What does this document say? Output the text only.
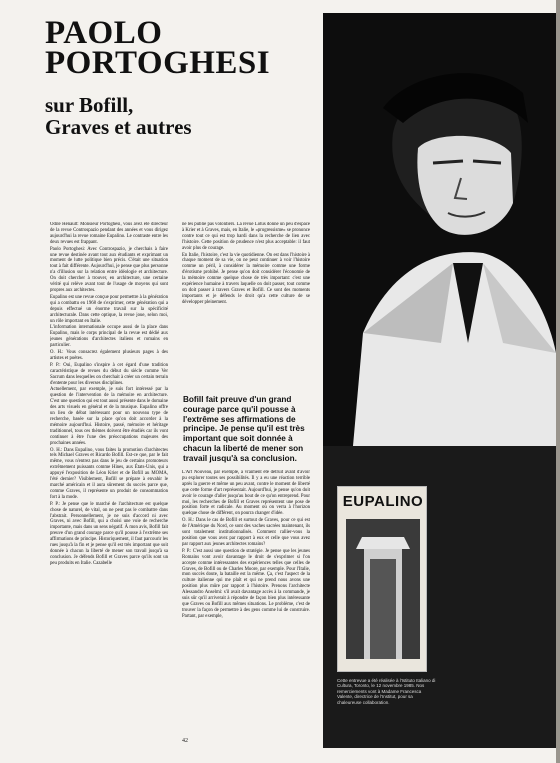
PAOLO
PORTOGHESI
sur Bofill,
Graves et autres

Odile Hénault: Monsieur Portoghesi, vous avez été directeur de la revue Controspazio pendant des années et vous dirigez aujourd'hui la revue romaine Eupalino. Le contraste entre les deux revues est frappant.

Paolo Portoghesi: Avec Controspazio, je cherchais à faire une revue destinée avant tout aux étudiants et exprimant un moment de lutte politique bien précis. C'était une situation tout à fait différente. Aujourd'hui, je pense que plus personne n'a d'illusion sur la relation entre idéologie et architecture. On doit chercher à trouver, en architecture, une certaine vérité qui relève avant tout de l'usage de moyens qui sont propres aux architectes.

Eupalino est une revue conçue pour permettre à la génération qui a combattu en 1968 de s'exprimer, cette génération qui a depuis effectué un énorme travail sur la spécificité architecturale. Dans cette optique, la revue joue, selon moi, un rôle important en Italie.

L'information internationale occupe aussi de la place dans Eupalino, mais le corps principal de la revue est dédié aux jeunes générations d'architectes italiens et romains en particulier.

O. H.: Vous consacrez également plusieurs pages à des artistes et poètes.

P. P.: Oui, Eupalino s'inspire à cet égard d'une tradition caractéristique de revues du début du siècle comme Ver Sacrum dans lesquelles on cherchait à créer un certain terrain d'entente pour les diverses disciplines.

Actuellement, par exemple, je suis fort intéressé par la question de l'intervention de la mémoire en architecture. C'est une question qui est tout aussi présente dans le domaine des arts visuels en général et de la musique. Eupalino offre un lieu de débat intéressant pour un nouveau type de recherche, basée sur la place qu'on doit accorder à la mémoire aujourd'hui. Histoire, passé, mémoire et héritage traditionnel, tous ces thèmes doivent être étudiés car ils vont continuer à être l'une des préoccupations majeures des prochaines années.

O. H.: Dans Eupalino, vous faites la promotion d'architectes tels Michael Graves et Ricardo Bofill. Est-ce que, par le fait même, vous n'entrez pas dans le jeu de certains promoteurs extrêmement puissants comme Hines, aux États-Unis, qui a appuyé l'exposition de Léon Krier et de Bofill au MOMA, l'été dernier? Visiblement, Bofill se prépare à envahir le marché américain et il aura sûrement du succès parce que, comme Graves, il représente un produit de consommation fort à la mode.

P. P.: Je pense que le marché de l'architecture est quelque chose de naturel, de vital, on ne peut pas le combattre dans l'abstrait. Personnellement, je ne suis d'accord ni avec Graves, ni avec Bofill, qui a choisi une voie de recherche importante, mais dans un sens négatif. À mon avis, Bofill fait preuve d'un grand courage parce qu'il pousse à l'extrême ses affirmations de principe. Historiquement, il faut parcourir les rues jusqu'à la fin et je pense qu'il est très important que soit donnée à chacun la liberté de mener son travail jusqu'à sa conclusion. Je défends Bofill et Graves parce qu'ils sont un peu produits en Italie. Cazabelle

ne les publie pas volontiers. La revue Lotus donne un peu d'espace à Krier et à Graves, mais, en Italie, le «progressisme» se prononce contre tout ce qui est trop hardi dans la recherche de lien avec l'histoire. Cette position de prudence n'est plus acceptable: il faut avoir plus de courage.

En Italie, l'histoire, c'est la vie quotidienne. On est dans l'histoire à chaque moment de sa vie, on ne peut continuer à voir l'histoire comme un péril, à considérer la mémoire comme une forme d'érotisme prohibé. Je pense qu'on doit considérer l'économie de la mémoire comme quelque chose de très important: c'est une expérience humaine à travers laquelle on doit passer, tout comme on doit passer à travers Graves et Bofill. Ce sont des moments importants et je défends le droit qu'a cette culture de se développer pleinement.

Bofill fait preuve d'un grand courage parce qu'il pousse à l'extrême ses affirmations de principe. Je pense qu'il est très important que soit donnée à chacun la liberté de mener son travail jusqu'à sa conclusion.

L'Art Nouveau, par exemple, a vraiment été détruit avant d'avoir pu explorer toutes ses possibilités. Il y a eu une réaction terrible après la guerre et même un peu avant, contre le moment de liberté que cette forme d'art représentait. Aujourd'hui, je pense qu'on doit avoir le courage d'aller jusqu'au bout de ce qu'on entreprend. Pour moi, les recherches de Bofill et Graves représentent une pose de position forte et radicale. Au moment où on verra à l'horizon quelque chose de différent, on pourra changer d'idée.

O. H.: Dans le cas de Bofill et surtout de Graves, pour ce qui est de l'Amérique du Nord, ce sont des vaches sacrées maintenant, ils sont totalement institutionnalisés. Comment rallier-vous la position que vous avez par rapport à eux et celle que vous avez par rapport aux jeunes architectes romains?

P. P.: C'est aussi une question de stratégie. Je pense que les jeunes Romains vont avoir davantage le droit de s'exprimer si l'on accepte comme intéressantes des expériences telles que celles de Graves, de Bofill ou de Charles Moore, par exemple. Pour l'Italie, mon succès doute, la bataille est la même. Ça, c'est l'aspect de la culture italienne qui me plaît et qui ne prend nous avons une position plus mûre par rapport à l'histoire. Prenons l'architecte Alessandro Anselmi: s'il avait davantage accès à la commande, je suis sûr qu'il arriverait à répondre de façon bien plus intéressante que Graves ou Bofill aux mêmes situations. Le problème, c'est de trouver la façon de permettre à des gens comme lui de construire. Partant, par exemple,

EUPALINO
Cette entrevue a été réalisée à l'Istituto Italiano di Cultura, Toronto, le 12 novembre 1985. Nos remerciements vont à Madame Francesca Valente, directrice de l'Institut, pour sa chaleureuse collaboration.
42
